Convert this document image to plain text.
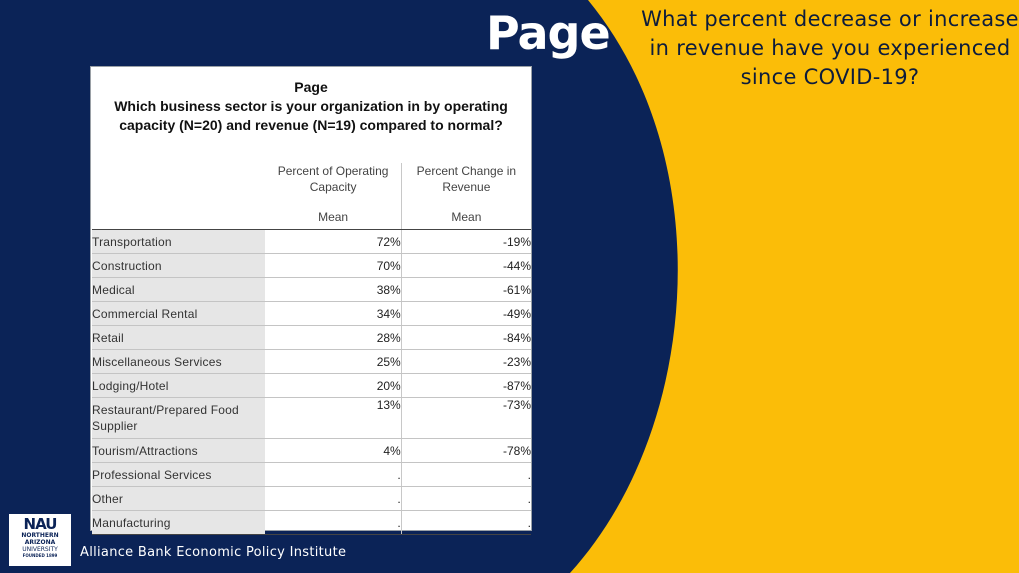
Page What percent decrease or increase in revenue have you experienced since COVID-19?
Page
Which business sector is your organization in by operating capacity (N=20) and revenue (N=19) compared to normal?
	Percent of Operating Capacity	Percent Change in Revenue
	Mean	Mean
Transportation	72%	-19%
Construction	70%	-44%
Medical	38%	-61%
Commercial Rental	34%	-49%
Retail	28%	-84%
Miscellaneous Services	25%	-23%
Lodging/Hotel	20%	-87%
Restaurant/Prepared Food Supplier	13%	-73%
Tourism/Attractions	4%	-78%
Professional Services	.	.
Other	.	.
Manufacturing	.	.
NAU
NORTHERN
ARIZONA
UNIVERSITY
FOUNDED 1899	Alliance Bank Economic Policy Institute
